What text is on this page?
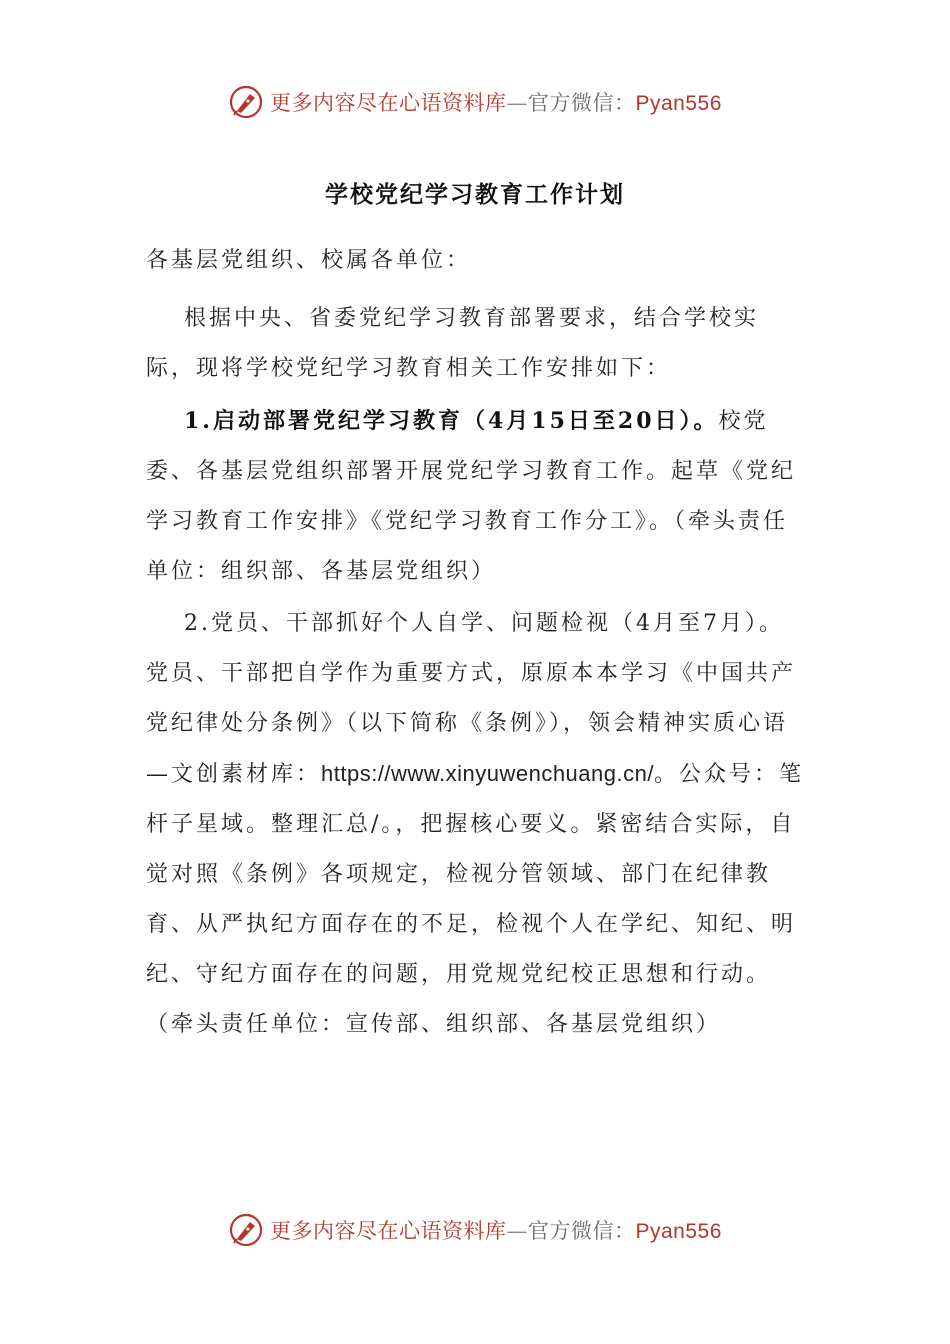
更多内容尽在心语资料库—官方微信：Pyan556
学校党纪学习教育工作计划

各基层党组织、校属各单位：

根据中央、省委党纪学习教育部署要求，结合学校实际，现将学校党纪学习教育相关工作安排如下：

1.启动部署党纪学习教育（4月15日至20日）。校党委、各基层党组织部署开展党纪学习教育工作。起草《党纪学习教育工作安排》《党纪学习教育工作分工》。（牵头责任单位：组织部、各基层党组织）

2.党员、干部抓好个人自学、问题检视（4月至7月）。党员、干部把自学作为重要方式，原原本本学习《中国共产党纪律处分条例》（以下简称《条例》），领会精神实质心语—文创素材库：https://www.xinyuwenchuang.cn/。公众号：笔杆子星域。整理汇总/。，把握核心要义。紧密结合实际，自觉对照《条例》各项规定，检视分管领域、部门在纪律教育、从严执纪方面存在的不足，检视个人在学纪、知纪、明纪、守纪方面存在的问题，用党规党纪校正思想和行动。（牵头责任单位：宣传部、组织部、各基层党组织）

更多内容尽在心语资料库—官方微信：Pyan556
